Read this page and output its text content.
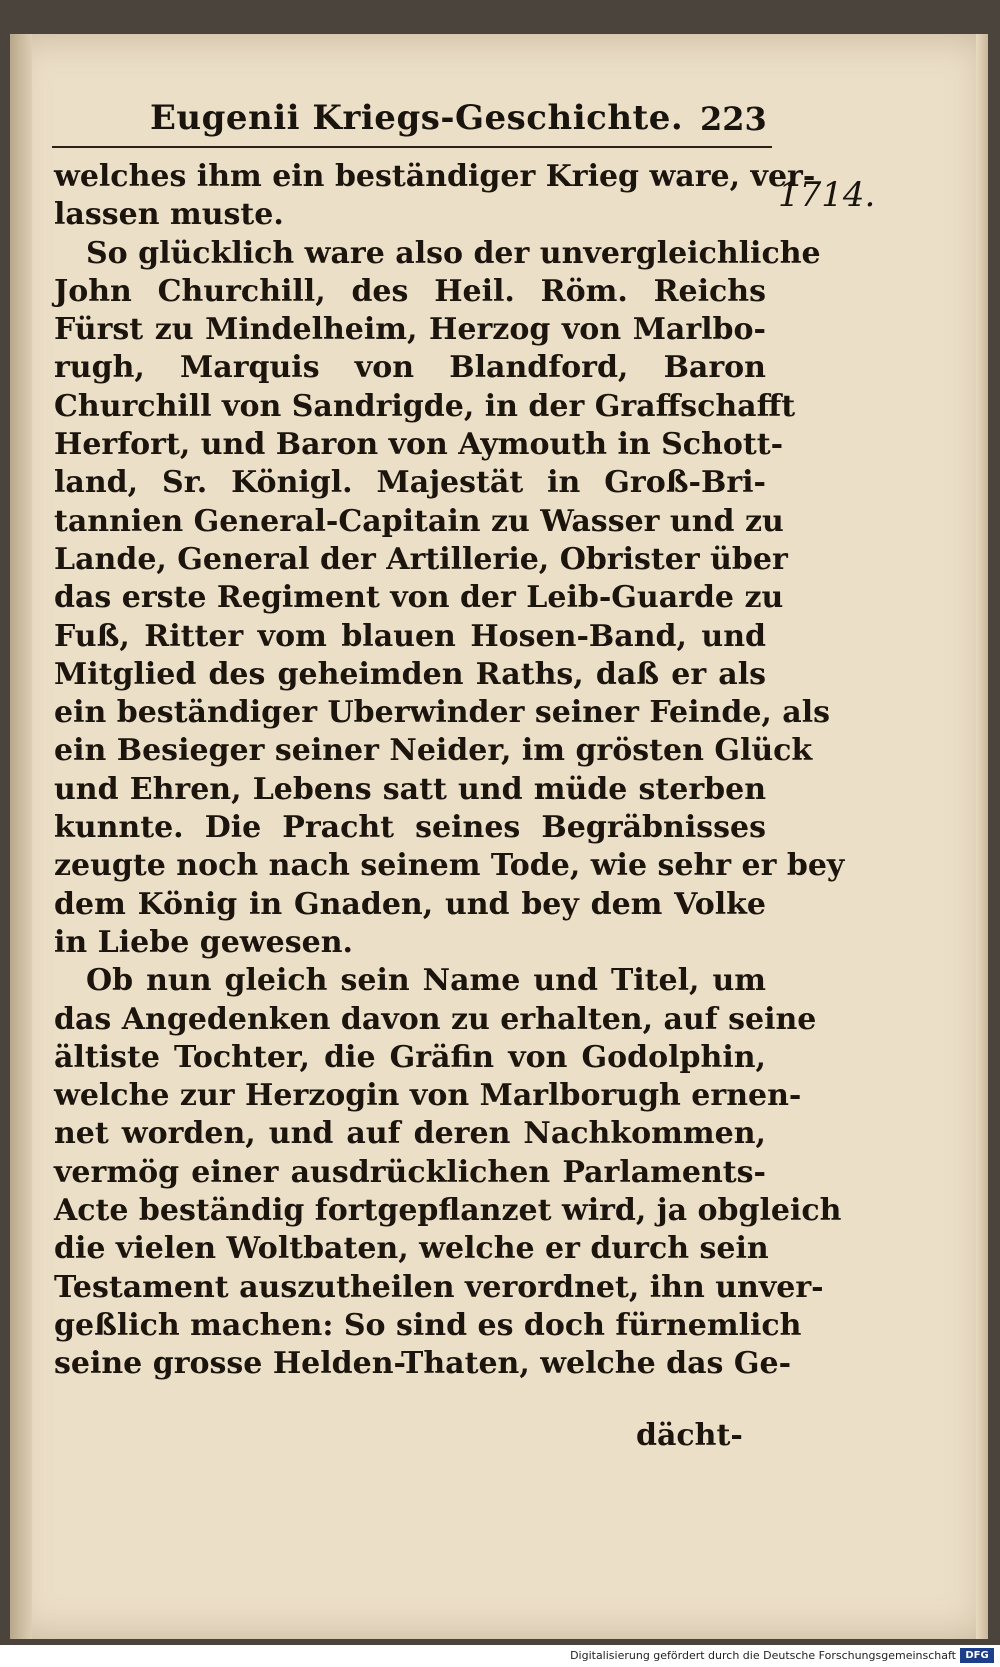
Eugenii Kriegs-Geschichte. 223
1714.
welches ihm ein beständiger Krieg ware, ver-
lassen muste.
So glücklich ware also der unvergleichliche
John Churchill, des Heil. Röm. Reichs
Fürst zu Mindelheim, Herzog von Marlbo-
rugh, Marquis von Blandford, Baron
Churchill von Sandrigde, in der Graffschafft
Herfort, und Baron von Aymouth in Schott-
land, Sr. Königl. Majestät in Groß-Bri-
tannien General-Capitain zu Wasser und zu
Lande, General der Artillerie, Obrister über
das erste Regiment von der Leib-Guarde zu
Fuß, Ritter vom blauen Hosen-Band, und
Mitglied des geheimden Raths, daß er als
ein beständiger Uberwinder seiner Feinde, als
ein Besieger seiner Neider, im grösten Glück
und Ehren, Lebens satt und müde sterben
kunnte. Die Pracht seines Begräbnisses
zeugte noch nach seinem Tode, wie sehr er bey
dem König in Gnaden, und bey dem Volke
in Liebe gewesen.
Ob nun gleich sein Name und Titel, um
das Angedenken davon zu erhalten, auf seine
ältiste Tochter, die Gräfin von Godolphin,
welche zur Herzogin von Marlborugh ernen-
net worden, und auf deren Nachkommen,
vermög einer ausdrücklichen Parlaments-
Acte beständig fortgepflanzet wird, ja obgleich
die vielen Woltbaten, welche er durch sein
Testament auszutheilen verordnet, ihn unver-
geßlich machen: So sind es doch fürnemlich
seine grosse Helden-Thaten, welche das Ge-
dächt-
Digitalisierung gefördert durch die Deutsche Forschungsgemeinschaft DFG
